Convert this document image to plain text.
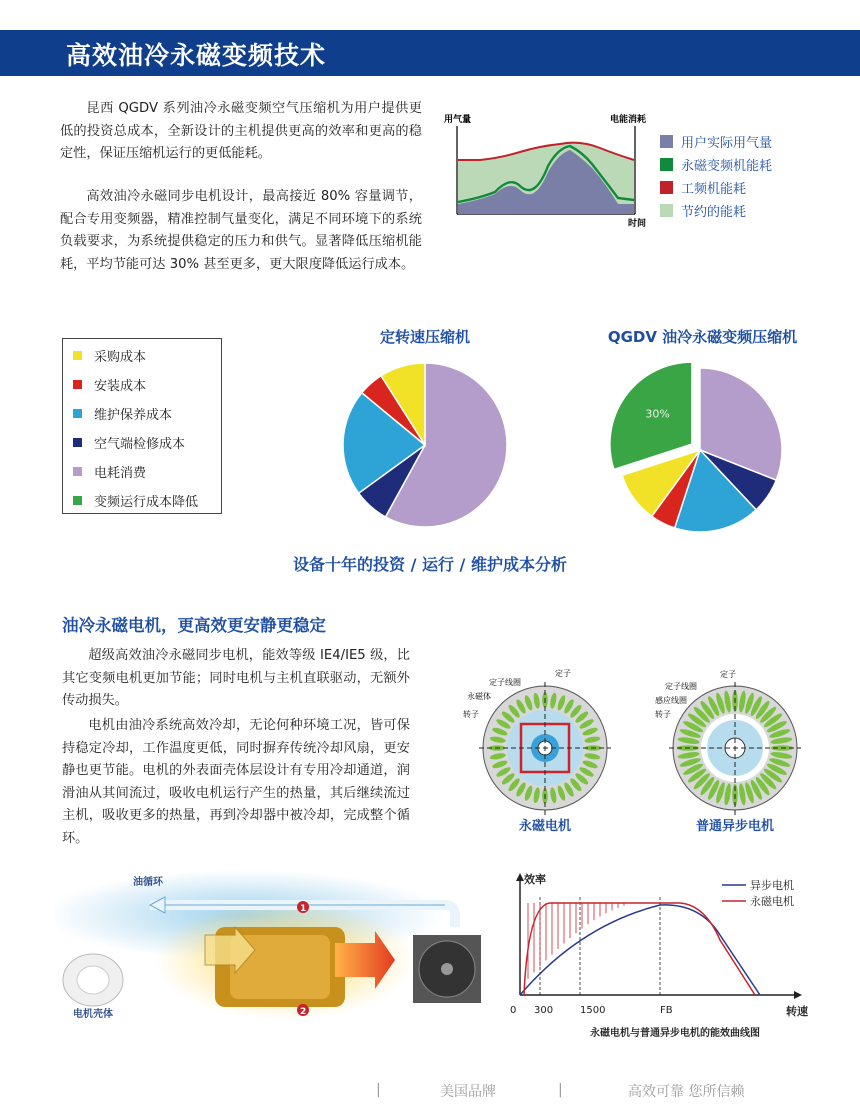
高效油冷永磁变频技术
昆西 QGDV 系列油冷永磁变频空气压缩机为用户提供更低的投资总成本，全新设计的主机提供更高的效率和更高的稳定性，保证压缩机运行的更低能耗。
高效油冷永磁同步电机设计，最高接近 80% 容量调节，配合专用变频器，精准控制气量变化，满足不同环境下的系统负载要求，为系统提供稳定的压力和供气。显著降低压缩机能耗，平均节能可达 30% 甚至更多，更大限度降低运行成本。
用气量	电能消耗
时间
用户实际用气量
永磁变频机能耗
工频机能耗
节约的能耗
采购成本
安装成本
维护保养成本
空气端检修成本
电耗消费
变频运行成本降低
定转速压缩机	QGDV 油冷永磁变频压缩机
30%
设备十年的投资 / 运行 / 维护成本分析
油冷永磁电机，更高效更安静更稳定
超级高效油冷永磁同步电机，能效等级 IE4/IE5 级，比其它变频电机更加节能；同时电机与主机直联驱动，无额外传动损失。
电机由油冷系统高效冷却，无论何种环境工况，皆可保持稳定冷却，工作温度更低，同时摒弃传统冷却风扇，更安静也更节能。电机的外表面壳体层设计有专用冷却通道，润滑油从其间流过，吸收电机运行产生的热量，其后继续流过主机，吸收更多的热量，再到冷却器中被冷却，完成整个循环。
定子
定子线圈
永磁体
转子
永磁电机
定子
定子线圈
感应线圈
转子
普通异步电机
1
2
油循环
电机壳体
效率
转速
0 300	1500	FB
异步电机
永磁电机
永磁电机与普通异步电机的能效曲线图
|	美国品牌	|	高效可靠 您所信赖
